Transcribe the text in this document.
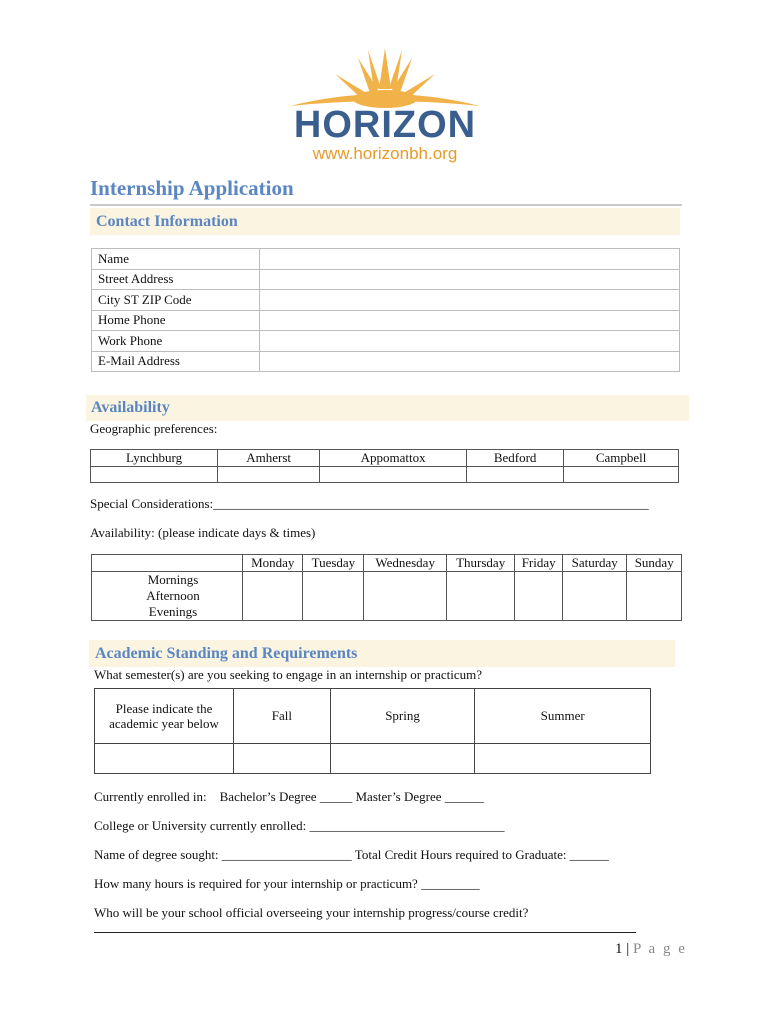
HORIZON
www.horizonbh.org
Internship Application
Contact Information
Name	
Street Address	
City ST ZIP Code	
Home Phone	
Work Phone	
E-Mail Address	
Availability
Geographic preferences:
Lynchburg	Amherst	Appomattox	Bedford	Campbell

Special Considerations:___________________________________________________________________
Availability: (please indicate days & times)
	Monday	Tuesday	Wednesday	Thursday	Friday	Saturday	Sunday

Mornings
Afternoon
Evenings							

Academic Standing and Requirements
What semester(s) are you seeking to engage in an internship or practicum?
Please indicate the
academic year below	Fall	Spring	Summer

Currently enrolled in: Bachelor’s Degree _____ Master’s Degree ______
College or University currently enrolled: ______________________________
Name of degree sought: ____________________ Total Credit Hours required to Graduate: ______
How many hours is required for your internship or practicum? _________
Who will be your school official overseeing your internship progress/course credit?
1 | P a g e
